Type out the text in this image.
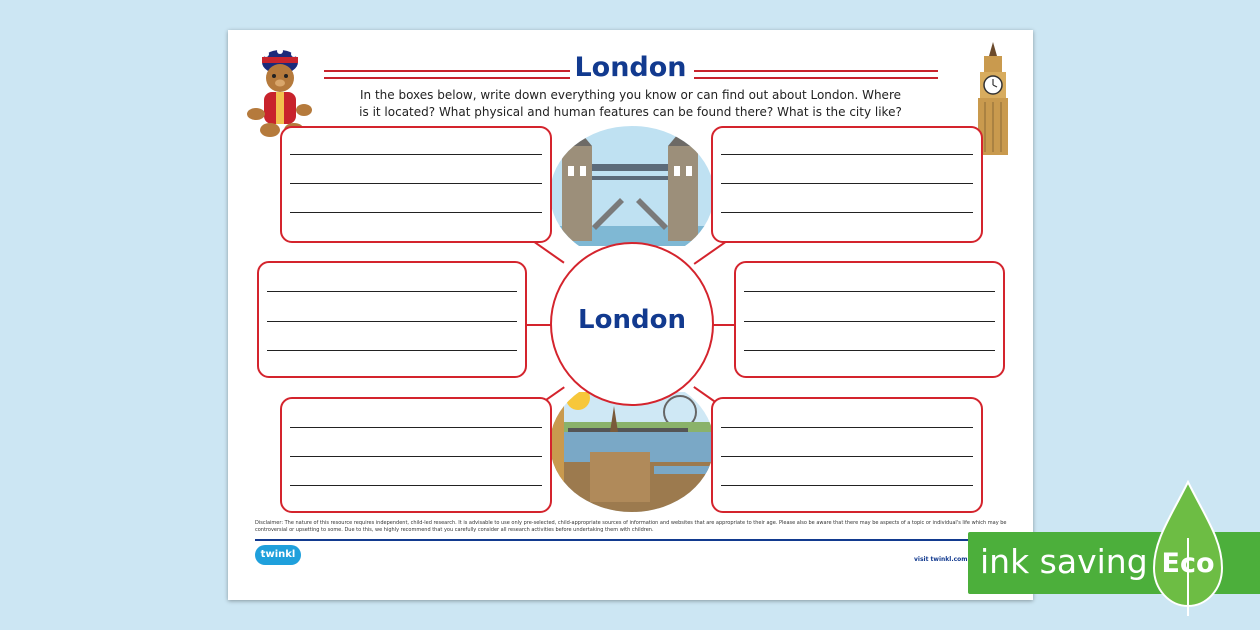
London
In the boxes below, write down everything you know or can find out about London. Where is it located? What physical and human features can be found there? What is the city like?
London
Disclaimer: The nature of this resource requires independent, child-led research. It is advisable to use only pre-selected, child-appropriate sources of information and websites that are appropriate to their age. Please also be aware that there may be aspects of a topic or individual's life which may be controversial or upsetting to some. Due to this, we highly recommend that you carefully consider all research activities before undertaking them with children.
twinkl	visit twinkl.com ink saving Eco
